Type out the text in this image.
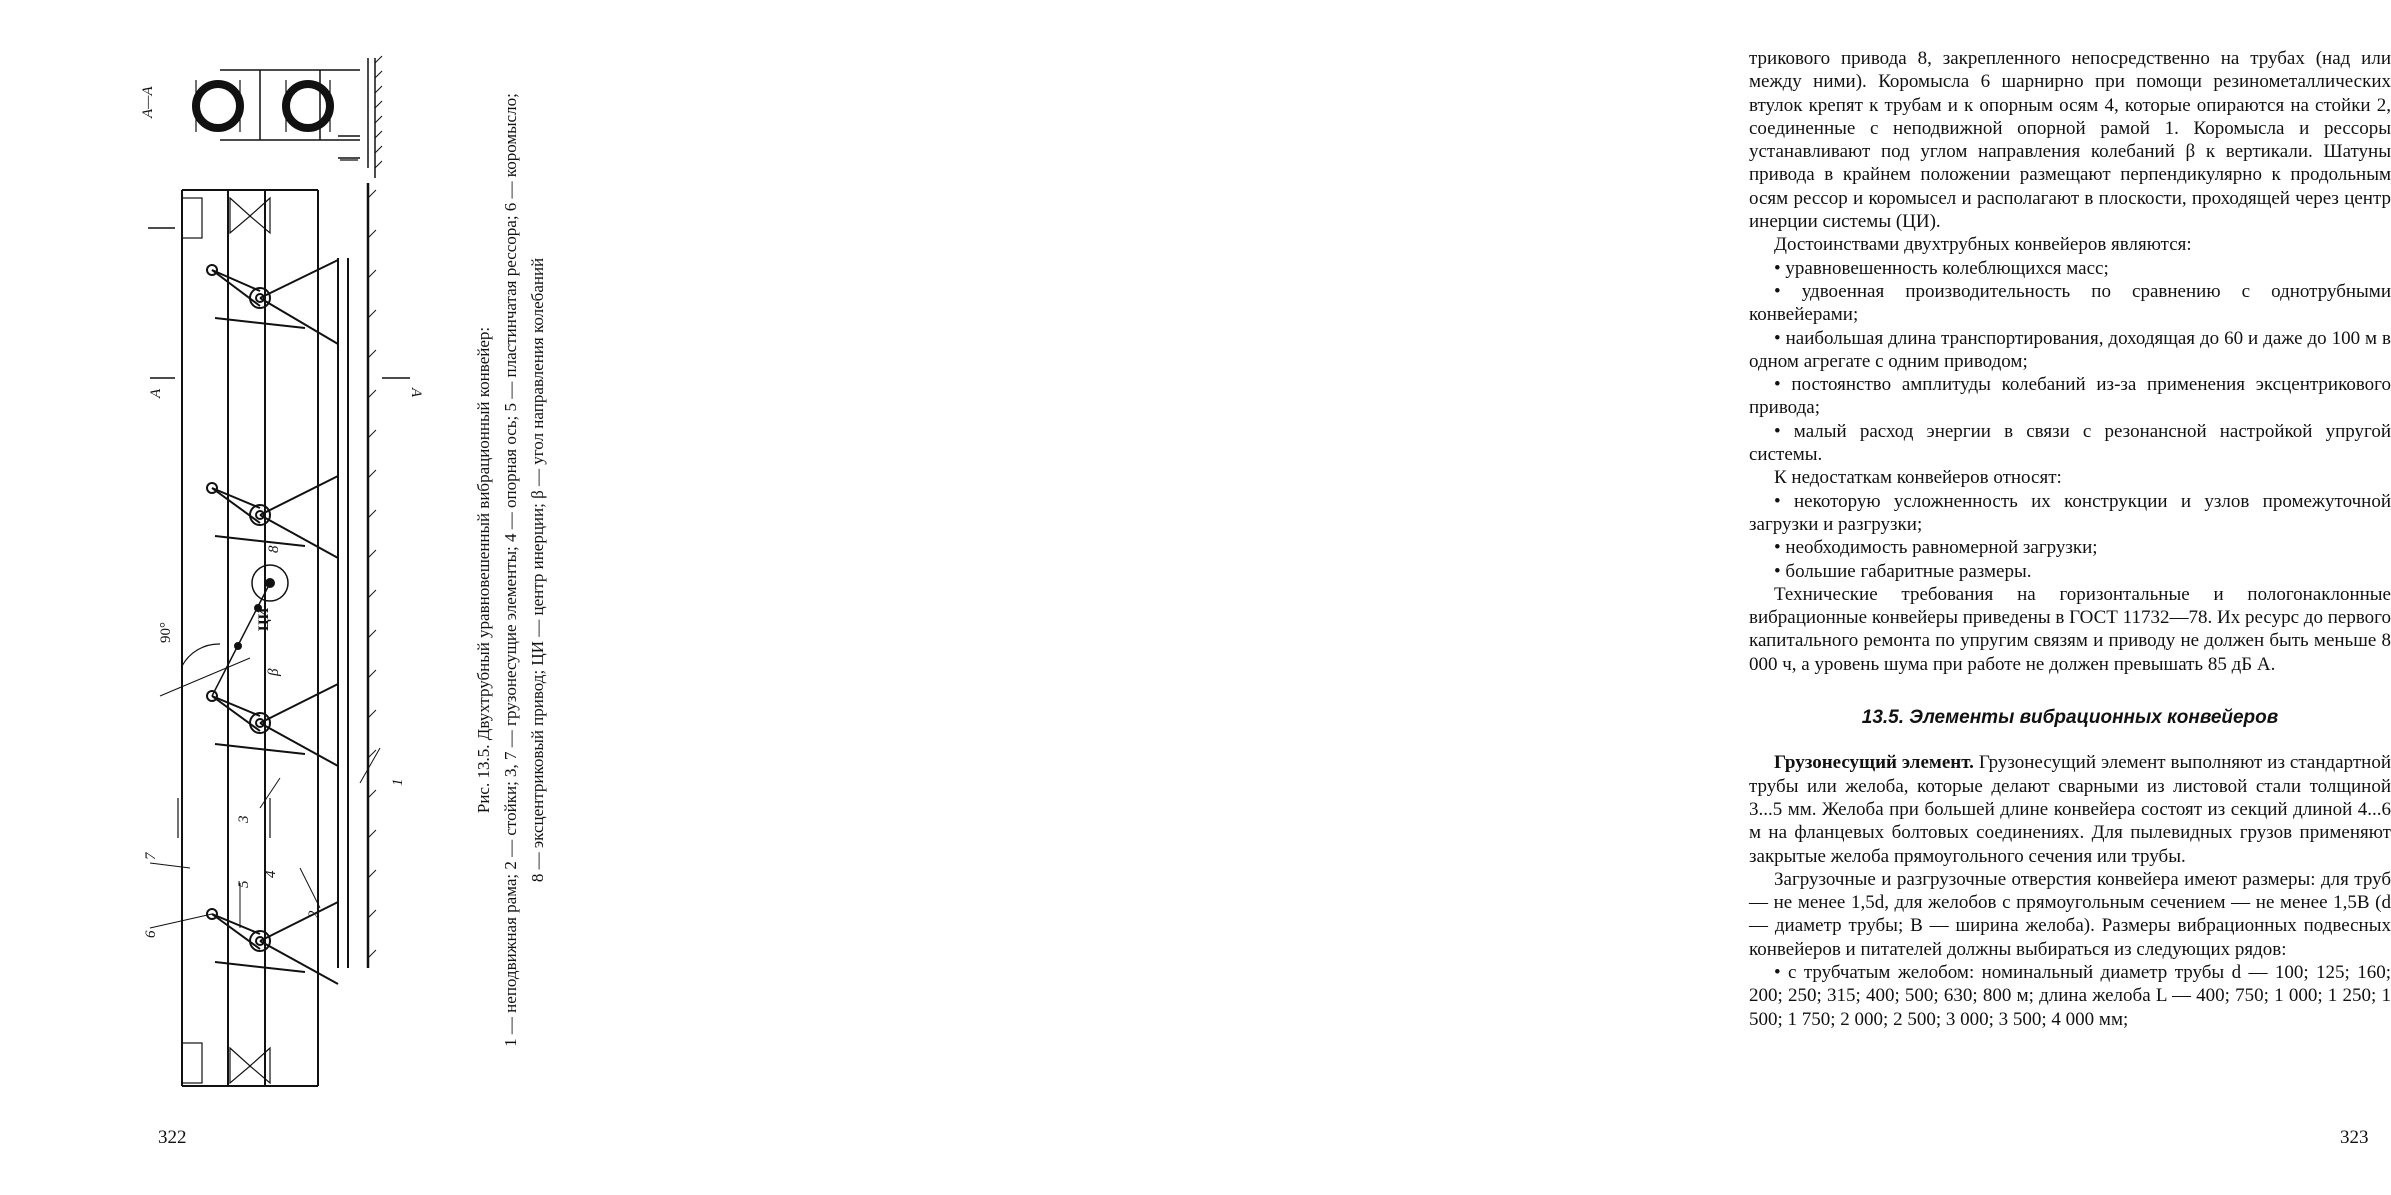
А—А
А	А
90°
β
ЦИ
1
2
3
4
5
6
7
8	Рис. 13.5. Двухтрубный уравновешенный вибрационный конвейер: 1 — неподвижная рама; 2 — стойки; 3, 7 — грузонесущие элементы; 4 — опорная ось; 5 — пластинчатая рессора; 6 — коромысло; 8 — эксцентриковый привод; ЦИ — центр инерции; β — угол направления колебаний
322

трикового привода 8, закрепленного непосредственно на трубах (над или между ними). Коромысла 6 шарнирно при помощи резинометаллических втулок крепят к трубам и к опорным осям 4, которые опираются на стойки 2, соединенные с неподвижной опорной рамой 1. Коромысла и рессоры устанавливают под углом направления колебаний β к вертикали. Шатуны привода в крайнем положении размещают перпендикулярно к продольным осям рессор и коромысел и располагают в плоскости, проходящей через центр инерции системы (ЦИ).

Достоинствами двухтрубных конвейеров являются:

• уравновешенность колеблющихся масс;

• удвоенная производительность по сравнению с однотрубными конвейерами;

• наибольшая длина транспортирования, доходящая до 60 и даже до 100 м в одном агрегате с одним приводом;

• постоянство амплитуды колебаний из-за применения эксцентрикового привода;

• малый расход энергии в связи с резонансной настройкой упругой системы.

К недостаткам конвейеров относят:

• некоторую усложненность их конструкции и узлов промежуточной загрузки и разгрузки;

• необходимость равномерной загрузки;

• большие габаритные размеры.

Технические требования на горизонтальные и пологонаклонные вибрационные конвейеры приведены в ГОСТ 11732—78. Их ресурс до первого капитального ремонта по упругим связям и приводу не должен быть меньше 8 000 ч, а уровень шума при работе не должен превышать 85 дБ А.

13.5. Элементы вибрационных конвейеров

Грузонесущий элемент. Грузонесущий элемент выполняют из стандартной трубы или желоба, которые делают сварными из листовой стали толщиной 3...5 мм. Желоба при большей длине конвейера состоят из секций длиной 4...6 м на фланцевых болтовых соединениях. Для пылевидных грузов применяют закрытые желоба прямоугольного сечения или трубы.

Загрузочные и разгрузочные отверстия конвейера имеют размеры: для труб — не менее 1,5d, для желобов с прямоугольным сечением — не менее 1,5B (d — диаметр трубы; B — ширина желоба). Размеры вибрационных подвесных конвейеров и питателей должны выбираться из следующих рядов:

• с трубчатым желобом: номинальный диаметр трубы d — 100; 125; 160; 200; 250; 315; 400; 500; 630; 800 м; длина желоба L — 400; 750; 1 000; 1 250; 1 500; 1 750; 2 000; 2 500; 3 000; 3 500; 4 000 мм;

323
